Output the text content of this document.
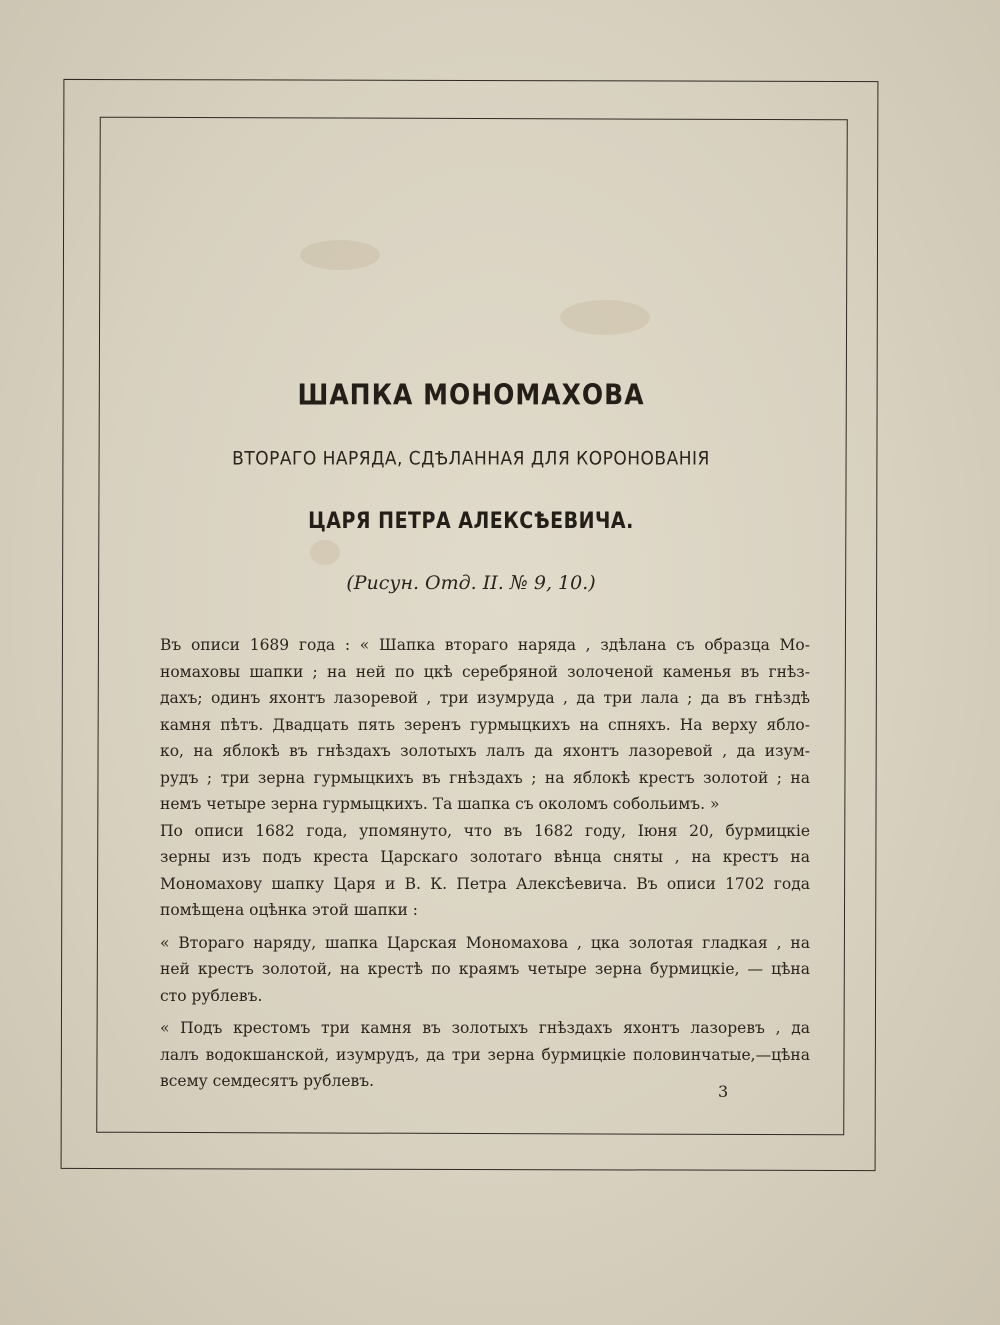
ШАПКА МОНОМАХОВА
ВТОРАГО НАРЯДА, СДѢЛАННАЯ ДЛЯ КОРОНОВАНІЯ
ЦАРЯ ПЕТРА АЛЕКСѢЕВИЧА.
(Рисун. Отд. II. № 9, 10.)
Въ описи 1689 года : « Шапка втораго наряда , здѣлана съ образца Мо-
номаховы шапки ; на ней по цкѣ серебряной золоченой каменья въ гнѣз-
дахъ; одинъ яхонтъ лазоревой , три изумруда , да три лала ; да въ гнѣздѣ
камня пѣтъ. Двадцать пять зеренъ гурмыцкихъ на спняхъ. На верху ябло-
ко, на яблокѣ въ гнѣздахъ золотыхъ лалъ да яхонтъ лазоревой , да изум-
рудъ ; три зерна гурмыцкихъ въ гнѣздахъ ; на яблокѣ крестъ золотой ; на
немъ четыре зерна гурмыцкихъ. Та шапка съ околомъ собольимъ. »
По описи 1682 года, упомянуто, что въ 1682 году, Іюня 20, бурмицкіе
зерны изъ подъ креста Царскаго золотаго вѣнца сняты , на крестъ на
Мономахову шапку Царя и В. К. Петра Алексѣевича. Въ описи 1702 года
помѣщена оцѣнка этой шапки :
« Втораго наряду, шапка Царская Мономахова , цка золотая гладкая , на
ней крестъ золотой, на крестѣ по краямъ четыре зерна бурмицкіе, — цѣна
сто рублевъ.
« Подъ крестомъ три камня въ золотыхъ гнѣздахъ яхонтъ лазоревъ , да
лалъ водокшанской, изумрудъ, да три зерна бурмицкіе половинчатые,—цѣна
всему семдесятъ рублевъ.
3
